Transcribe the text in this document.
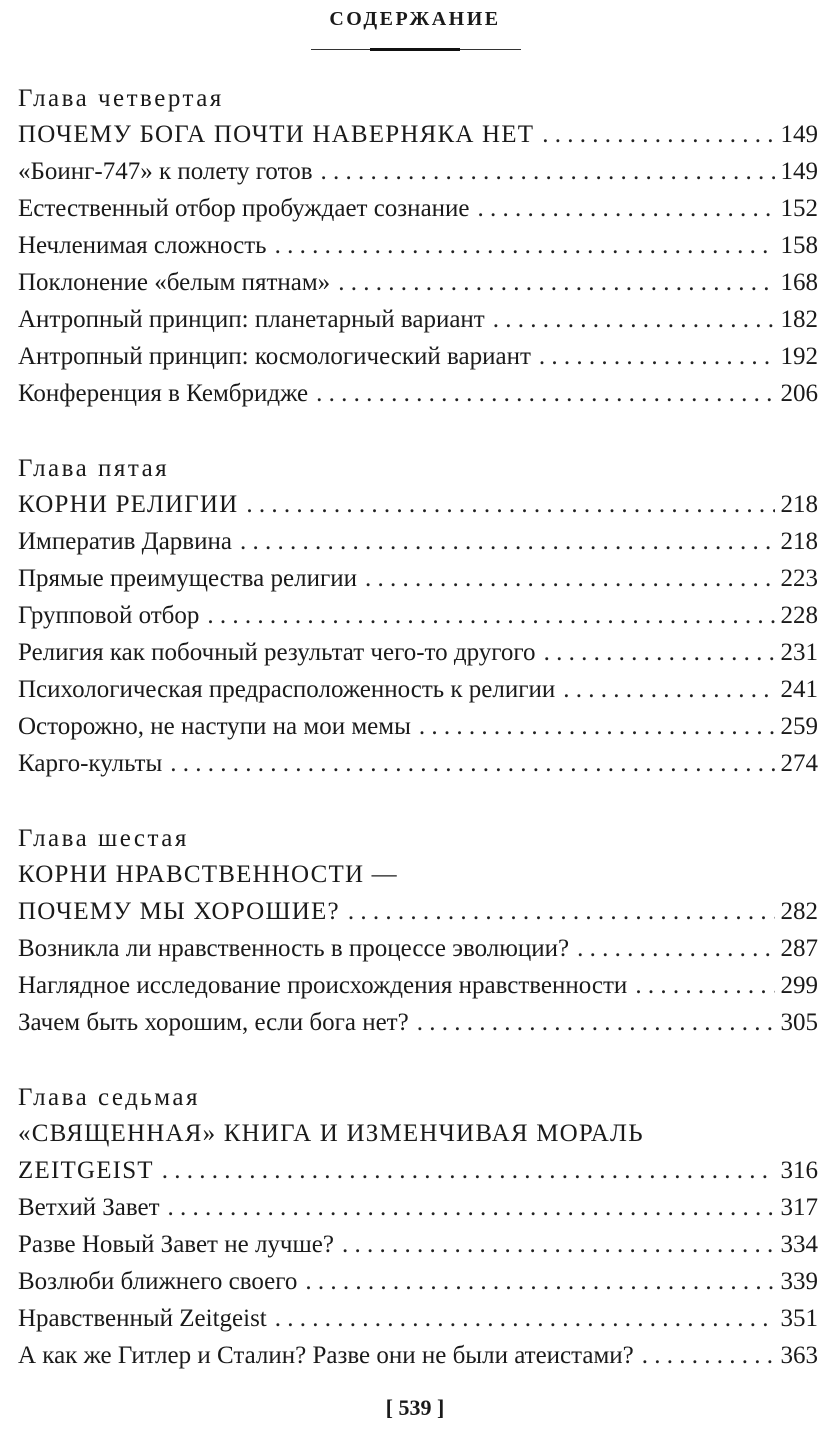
СОДЕРЖАНИЕ
Глава четвертая
ПОЧЕМУ БОГА ПОЧТИ НАВЕРНЯКА НЕТ . . .	149
«Боинг-747» к полету готов . . .	149
Естественный отбор пробуждает сознание . . .	152
Нечленимая сложность . . .	158
Поклонение «белым пятнам» . . .	168
Антропный принцип: планетарный вариант . . .	182
Антропный принцип: космологический вариант . . .	192
Конференция в Кембридже . . .	206
Глава пятая
КОРНИ РЕЛИГИИ . . .	218
Императив Дарвина . . .	218
Прямые преимущества религии . . .	223
Групповой отбор . . .	228
Религия как побочный результат чего-то другого . . .	231
Психологическая предрасположенность к религии . . .	241
Осторожно, не наступи на мои мемы . . .	259
Карго-культы . . .	274
Глава шестая
КОРНИ НРАВСТВЕННОСТИ —
ПОЧЕМУ МЫ ХОРОШИЕ? . . .	282
Возникла ли нравственность в процессе эволюции? . . .	287
Наглядное исследование происхождения нравственности . . .	299
Зачем быть хорошим, если бога нет? . . .	305
Глава седьмая
«СВЯЩЕННАЯ» КНИГА И ИЗМЕНЧИВАЯ МОРАЛЬ
ZEITGEIST . . .	316
Ветхий Завет . . .	317
Разве Новый Завет не лучше? . . .	334
Возлюби ближнего своего . . .	339
Нравственный Zeitgeist . . .	351
А как же Гитлер и Сталин? Разве они не были атеистами? . . .	363
[ 539 ]
